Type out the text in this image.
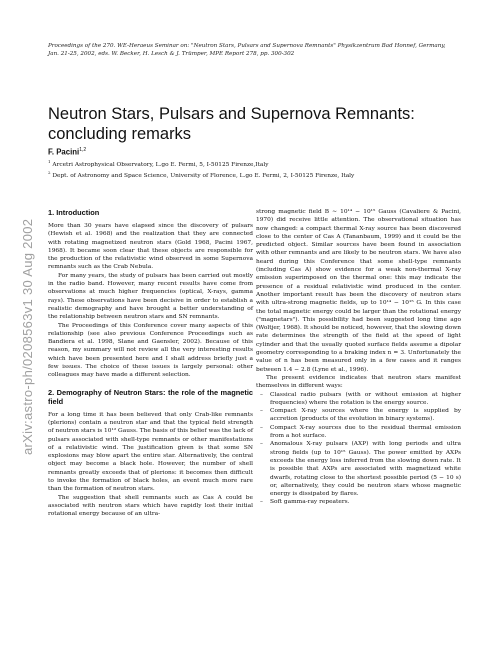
Proceedings of the 270. WE-Heraeus Seminar on: "Neutron Stars, Pulsars and Supernova Remnants" Physikzentrum Bad Honnef, Germany, Jan. 21-25, 2002, eds. W. Becker, H. Lesch & J. Trümper, MPE Report 278, pp. 300-302
arXiv:astro-ph/0208563v1 30 Aug 2002
Neutron Stars, Pulsars and Supernova Remnants: concluding remarks
F. Pacini$^{1,2}$
$^1$ Arcetri Astrophysical Observatory, L.go E. Fermi, 5, I-50125 Firenze,Italy
$^2$ Dept. of Astronomy and Space Science, University of Florence, L.go E. Fermi, 2, I-50125 Firenze, Italy
1. Introduction

More than 30 years have elapsed since the discovery of pulsars (Hewish et al. 1968) and the realization that they are connected with rotating magnetized neutron stars (Gold 1968, Pacini 1967, 1968). It became soon clear that these objects are responsible for the production of the relativistic wind observed in some Supernova remnants such as the Crab Nebula.

For many years, the study of pulsars has been carried out mostly in the radio band. However, many recent results have come from observations at much higher frequencies (optical, X-rays, gamma rays). These observations have been decisive in order to establish a realistic demography and have brought a better understanding of the relationship between neutron stars and SN remnants.

The Proceedings of this Conference cover many aspects of this relationship (see also previous Conference Proceedings such as Bandiera et al. 1998, Slane and Gaensler, 2002). Because of this reason, my summary will not review all the very interesting results which have been presented here and I shall address briefly just a few issues. The choice of these issues is largely personal: other colleagues may have made a different selection.

2. Demography of Neutron Stars: the role of the magnetic field

For a long time it has been believed that only Crab-like remnants (plerions) contain a neutron star and that the typical field strength of neutron stars is 10¹² Gauss. The basis of this belief was the lack of pulsars associated with shell-type remnants or other manifestations of a relativistic wind. The justification given is that some SN explosions may blow apart the entire star. Alternatively, the central object may become a black hole. However, the number of shell remnants greatly exceeds that of plerions: it becomes then difficult to invoke the formation of black holes, an event much more rare than the formation of neutron stars.

The suggestion that shell remnants such as Cas A could be associated with neutron stars which have rapidly lost their initial rotational energy because of an ultra-

strong magnetic field B ∼ 10¹⁴ − 10¹⁵ Gauss (Cavaliere & Pacini, 1970) did receive little attention. The observational situation has now changed: a compact thermal X-ray source has been discovered close to the center of Cas A (Tananbaum, 1999) and it could be the predicted object. Similar sources have been found in association with other remnants and are likely to be neutron stars. We have also heard during this Conference that some shell-type remnants (including Cas A) show evidence for a weak non-thermal X-ray emission superimposed on the thermal one: this may indicate the presence of a residual relativistic wind produced in the center. Another important result has been the discovery of neutron stars with ultra-strong magnetic fields, up to 10¹⁴ − 10¹⁵ G. In this case the total magnetic energy could be larger than the rotational energy ("magnetars"). This possibility had been suggested long time ago (Woltjer, 1968). It should be noticed, however, that the slowing down rate determines the strength of the field at the speed of light cylinder and that the usually quoted surface fields assume a dipolar geometry corresponding to a braking index n = 3. Unfortunately the value of n has been measured only in a few cases and it ranges between 1.4 − 2.8 (Lyne et al., 1996).

The present evidence indicates that neutron stars manifest themselves in different ways:

– Classical radio pulsars (with or without emission at higher frequencies) where the rotation is the energy source.
– Compact X-ray sources where the energy is supplied by accretion (products of the evolution in binary systems).
– Compact X-ray sources due to the residual thermal emission from a hot surface.
– Anomalous X-ray pulsars (AXP) with long periods and ultra strong fields (up to 10¹⁵ Gauss). The power emitted by AXPs exceeds the energy loss inferred from the slowing down rate. It is possible that AXPs are associated with magnetized white dwarfs, rotating close to the shortest possible period (5 − 10 s) or, alternatively, they could be neutron stars whose magnetic energy is dissipated by flares.
– Soft gamma-ray repeaters.
